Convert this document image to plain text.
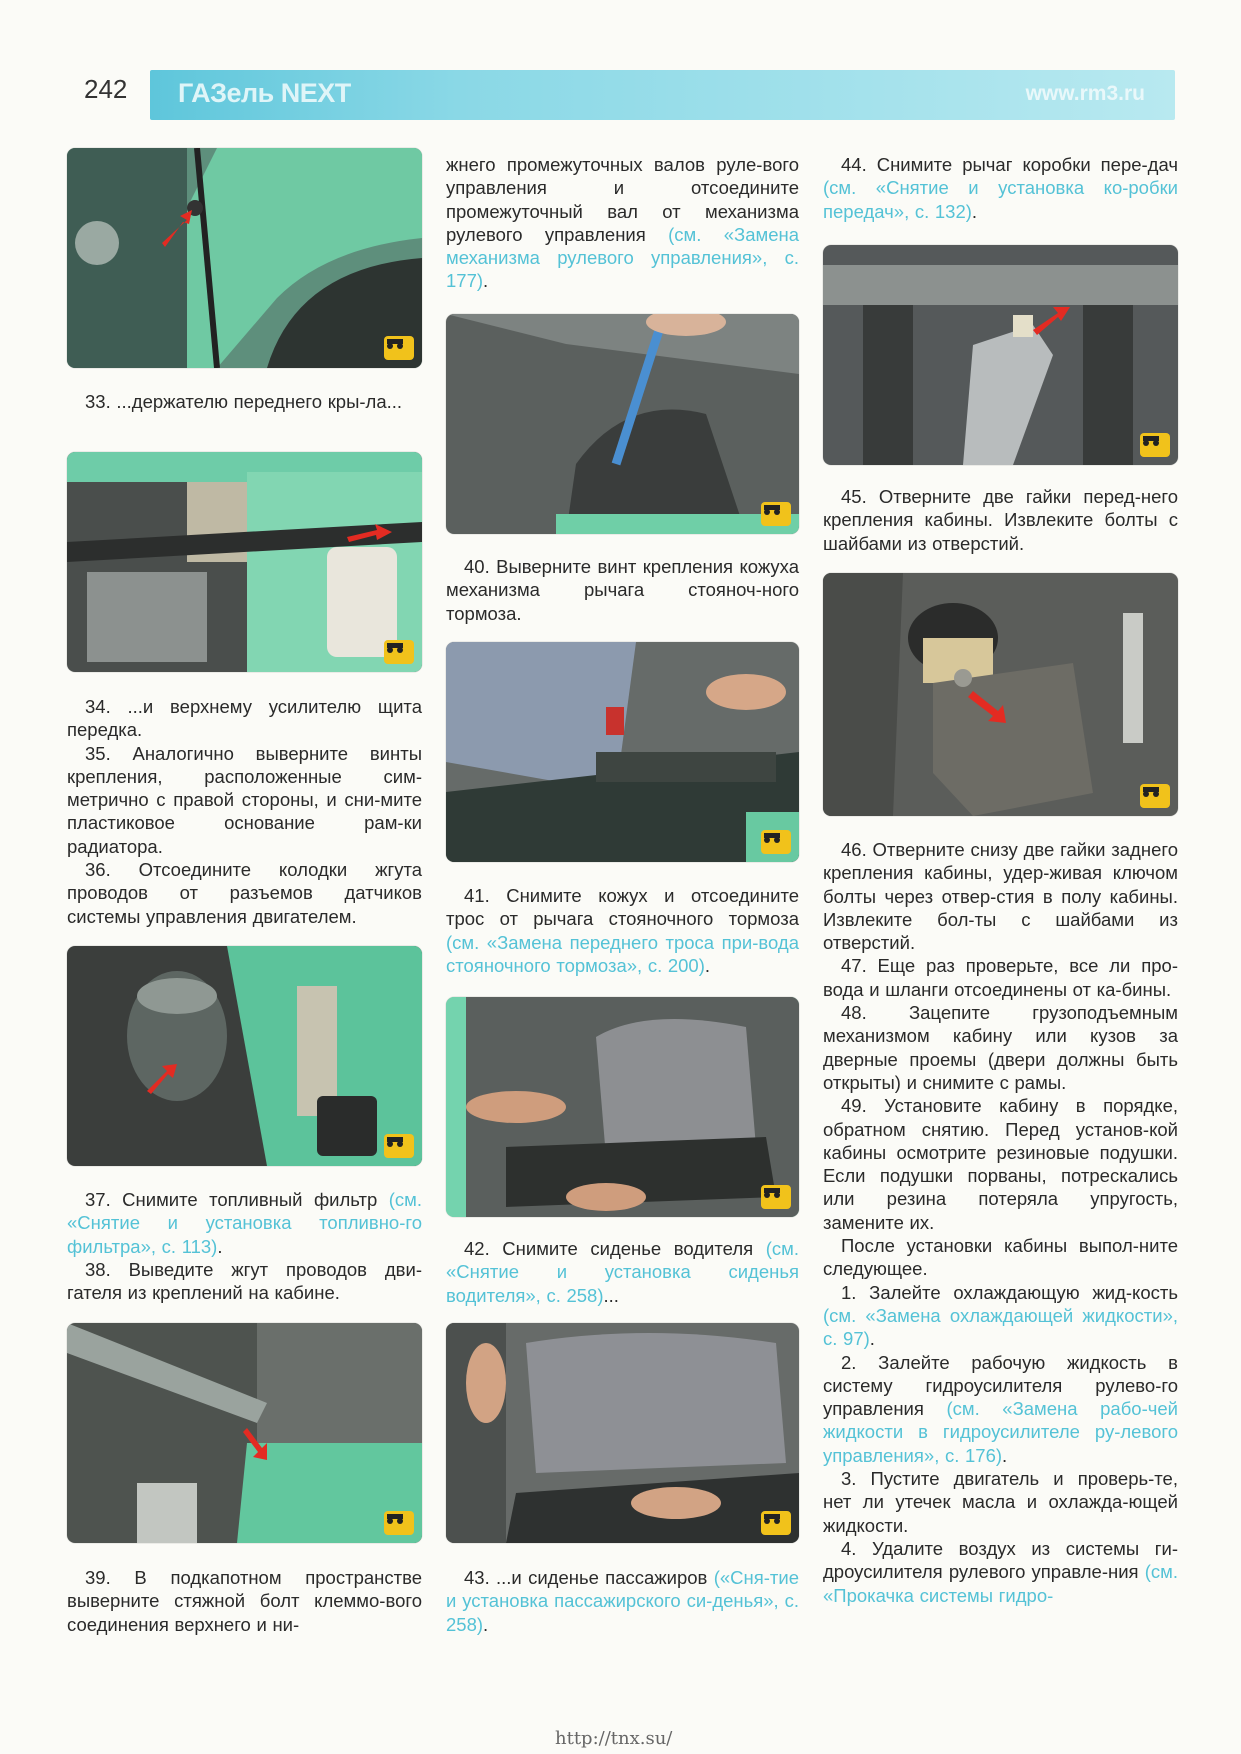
242 ГАЗель NEXT	www.rm3.ru

33. ...держателю переднего кры-ла...

34. ...и верхнему усилителю щита передка.

35. Аналогично выверните винты крепления, расположенные сим-метрично с правой стороны, и сни-мите пластиковое основание рам-ки радиатора.

36. Отсоедините колодки жгута проводов от разъемов датчиков системы управления двигателем.

37. Снимите топливный фильтр (см. «Снятие и установка топливно-го фильтра», с. 113).

38. Выведите жгут проводов дви-гателя из креплений на кабине.

39. В подкапотном пространстве выверните стяжной болт клеммо-вого соединения верхнего и ни-

жнего промежуточных валов руле-вого управления и отсоедините промежуточный вал от механизма рулевого управления (см. «Замена механизма рулевого управления», с. 177).

40. Выверните винт крепления кожуха механизма рычага стояноч-ного тормоза.

41. Снимите кожух и отсоедините трос от рычага стояночного тормоза (см. «Замена переднего троса при-вода стояночного тормоза», с. 200).

42. Снимите сиденье водителя (см. «Снятие и установка сиденья водителя», с. 258)...

43. ...и сиденье пассажиров («Сня-тие и установка пассажирского си-денья», с. 258).

44. Снимите рычаг коробки пере-дач (см. «Снятие и установка ко-робки передач», с. 132).

45. Отверните две гайки перед-него крепления кабины. Извлеките болты с шайбами из отверстий.

46. Отверните снизу две гайки заднего крепления кабины, удер-живая ключом болты через отвер-стия в полу кабины. Извлеките бол-ты с шайбами из отверстий.

47. Еще раз проверьте, все ли про-вода и шланги отсоединены от ка-бины.

48. Зацепите грузоподъемным механизмом кабину или кузов за дверные проемы (двери должны быть открыты) и снимите с рамы.

49. Установите кабину в порядке, обратном снятию. Перед установ-кой кабины осмотрите резиновые подушки. Если подушки порваны, потрескались или резина потеряла упругость, замените их.

После установки кабины выпол-ните следующее.

1. Залейте охлаждающую жид-кость (см. «Замена охлаждающей жидкости», с. 97).

2. Залейте рабочую жидкость в систему гидроусилителя рулево-го управления (см. «Замена рабо-чей жидкости в гидроусилителе ру-левого управления», с. 176).

3. Пустите двигатель и проверь-те, нет ли утечек масла и охлажда-ющей жидкости.

4. Удалите воздух из системы ги-дроусилителя рулевого управле-ния (см. «Прокачка системы гидро-

http://tnx.su/
